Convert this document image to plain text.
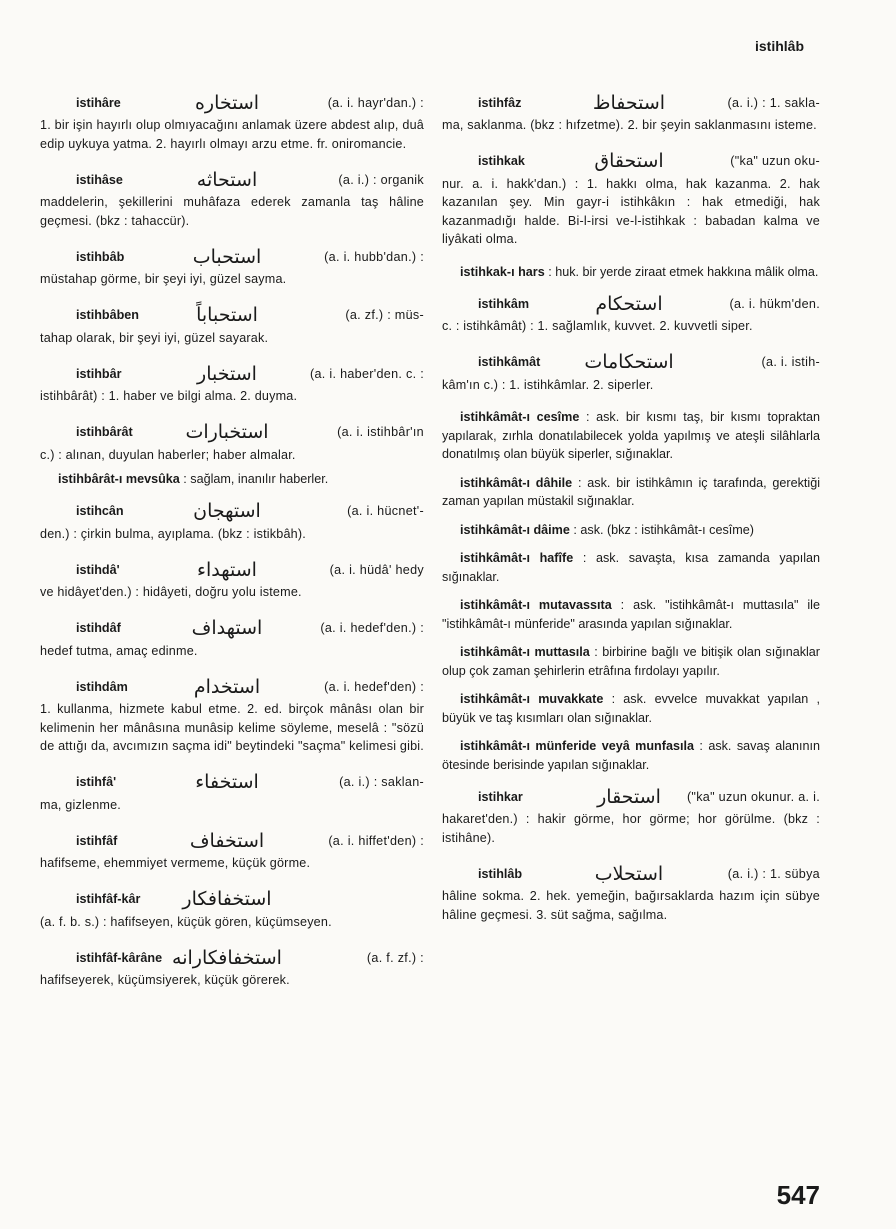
istihlâb
istihâre	استخاره	(a. i. hayr'dan.) :
1. bir işin hayırlı olup olmıyacağını anlamak üzere abdest alıp, duâ edip uykuya yatma. 2. hayırlı olmayı arzu etme. fr. oniromancie.
istihâse	استحاثه	(a. i.) : organik
maddelerin, şekillerini muhâfaza ederek zamanla taş hâline geçmesi. (bkz : tahaccür).
istihbâb	استحباب	(a. i. hubb'dan.) :
müstahap görme, bir şeyi iyi, güzel sayma.
istihbâben	استحباباً	(a. zf.) : müs-
tahap olarak, bir şeyi iyi, güzel sayarak.
istihbâr	استخبار	(a. i. haber'den. c. :
istihbârât) : 1. haber ve bilgi alma. 2. duyma.
istihbârât	استخبارات	(a. i. istihbâr'ın
c.) : alınan, duyulan haberler; haber almalar.
istihbârât-ı mevsûka : sağlam, inanılır haberler.
istihcân	استهجان	(a. i. hücnet'-
den.) : çirkin bulma, ayıplama. (bkz : istikbâh).
istihdâ'	استهداء	(a. i. hüdâ' hedy
ve hidâyet'den.) : hidâyeti, doğru yolu isteme.
istihdâf	استهداف	(a. i. hedef'den.) :
hedef tutma, amaç edinme.
istihdâm	استخدام	(a. i. hedef'den) :
1. kullanma, hizmete kabul etme. 2. ed. birçok mânâsı olan bir kelimenin her mânâsına munâsip kelime söyleme, meselâ : "sözü de attığı da, avcımızın saçma idi" beytindeki "saçma" kelimesi gibi.
istihfâ'	استخفاء	(a. i.) : saklan-
ma, gizlenme.
istihfâf	استخفاف	(a. i. hiffet'den) :
hafifseme, ehemmiyet vermeme, küçük görme.
istihfâf-kâr	استخفافکار
(a. f. b. s.) : hafifseyen, küçük gören, küçümseyen.
istihfâf-kârâne استخفافکارانه	(a. f. zf.) :
hafifseyerek, küçümsiyerek, küçük görerek.
istihfâz	استحفاظ	(a. i.) : 1. sakla-
ma, saklanma. (bkz : hıfzetme). 2. bir şeyin saklanmasını isteme.
istihkak	استحقاق	("ka" uzun oku-
nur. a. i. hakk'dan.) : 1. hakkı olma, hak kazanma. 2. hak kazanılan şey. Min gayr-i istihkâkın : hak etmediği, hak kazanmadığı halde. Bi-l-irsi ve-l-istihkak : babadan kalma ve liyâkati olma.
istihkak-ı hars : huk. bir yerde ziraat etmek hakkına mâlik olma.
istihkâm	استحکام	(a. i. hükm'den.
c. : istihkâmât) : 1. sağlamlık, kuvvet. 2. kuvvetli siper.
istihkâmât	استحکامات	(a. i. istih-
kâm'ın c.) : 1. istihkâmlar. 2. siperler.
istihkâmât-ı cesîme : ask. bir kısmı taş, bir kısmı topraktan yapılarak, zırhla donatılabilecek yolda yapılmış ve ateşli silâhlarla donatılmış olan büyük siperler, sığınaklar.
istihkâmât-ı dâhile : ask. bir istihkâmın iç tarafında, gerektiği zaman yapılan müstakil sığınaklar.
istihkâmât-ı dâime : ask. (bkz : istihkâmât-ı cesîme)
istihkâmât-ı hafîfe : ask. savaşta, kısa zamanda yapılan sığınaklar.
istihkâmât-ı mutavassıta : ask. "istihkâmât-ı muttasıla" ile "istihkâmât-ı münferide" arasında yapılan sığınaklar.
istihkâmât-ı muttasıla : birbirine bağlı ve bitişik olan sığınaklar olup çok zaman şehirlerin etrâfına fırdolayı yapılır.
istihkâmât-ı muvakkate : ask. evvelce muvakkat yapılan , büyük ve taş kısımları olan sığınaklar.
istihkâmât-ı münferide veyâ munfasıla : ask. savaş alanının ötesinde berisinde yapılan sığınaklar.
istihkar	استحقار	("ka" uzun okunur. a. i.
hakaret'den.) : hakir görme, hor görme; hor görülme. (bkz : istihâne).
istihlâb	استحلاب	(a. i.) : 1. sübya
hâline sokma. 2. hek. yemeğin, bağırsaklarda hazım için sübye hâline geçmesi. 3. süt sağma, sağılma.
547
